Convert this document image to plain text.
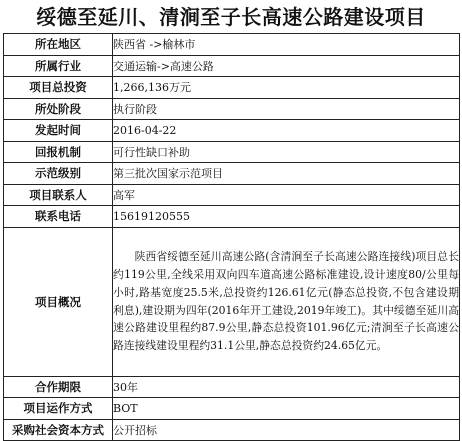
绥德至延川、清涧至子长高速公路建设项目
所在地区	陕西省 ->榆林市
所属行业	交通运输->高速公路
项目总投资	1,266,136万元
所处阶段	执行阶段
发起时间	2016-04-22
回报机制	可行性缺口补助
示范级别	第三批次国家示范项目
项目联系人	高军
联系电话	15619120555
项目概况	陕西省绥德至延川高速公路(含清涧至子长高速公路连接线)项目总长约119公里,全线采用双向四车道高速公路标准建设,设计速度80/公里每小时,路基宽度25.5米,总投资约126.61亿元(静态总投资,不包含建设期利息),建设期为四年(2016年开工建设,2019年竣工)。其中绥德至延川高速公路建设里程约87.9公里,静态总投资101.96亿元;清涧至子长高速公路连接线建设里程约31.1公里,静态总投资约24.65亿元。
合作期限	30年
项目运作方式	BOT
采购社会资本方式	公开招标
